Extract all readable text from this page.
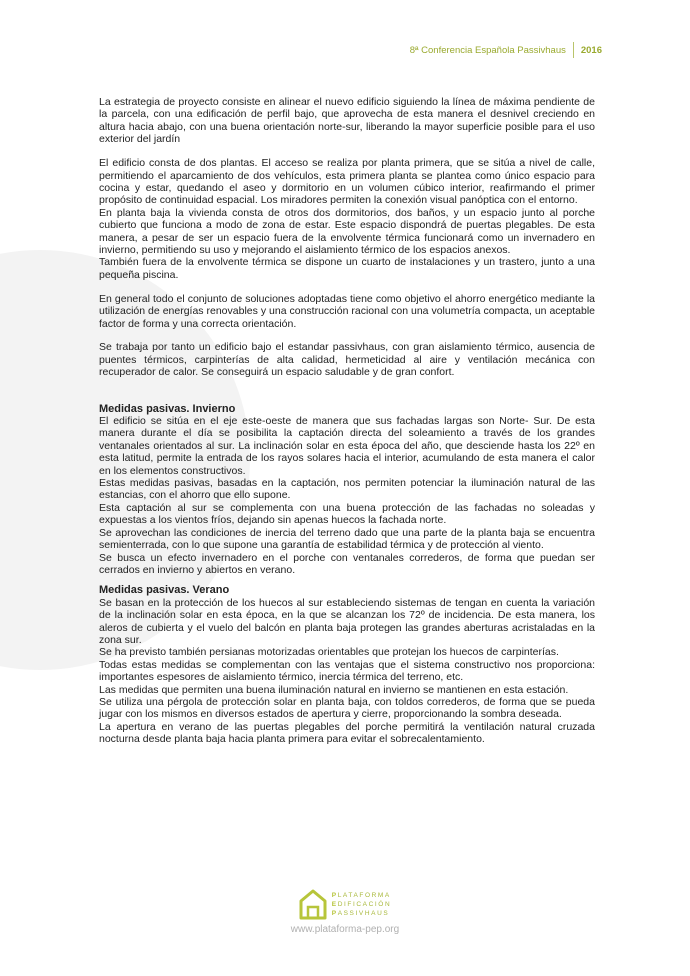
8ª Conferencia Española Passivhaus 2016

La estrategia de proyecto consiste en alinear el nuevo edificio siguiendo la línea de máxima pendiente de la parcela, con una edificación de perfil bajo, que aprovecha de esta manera el desnivel creciendo en altura hacia abajo, con una buena orientación norte-sur, liberando la mayor superficie posible para el uso exterior del jardín

El edificio consta de dos plantas. El acceso se realiza por planta primera, que se sitúa a nivel de calle, permitiendo el aparcamiento de dos vehículos, esta primera planta se plantea como único espacio para cocina y estar, quedando el aseo y dormitorio en un volumen cúbico interior, reafirmando el primer propósito de continuidad espacial. Los miradores permiten la conexión visual panóptica con el entorno.

En planta baja la vivienda consta de otros dos dormitorios, dos baños, y un espacio junto al porche cubierto que funciona a modo de zona de estar. Este espacio dispondrá de puertas plegables. De esta manera, a pesar de ser un espacio fuera de la envolvente térmica funcionará como un invernadero en invierno, permitiendo su uso y mejorando el aislamiento térmico de los espacios anexos.

También fuera de la envolvente térmica se dispone un cuarto de instalaciones y un trastero, junto a una pequeña piscina.

En general todo el conjunto de soluciones adoptadas tiene como objetivo el ahorro energético mediante la utilización de energías renovables y una construcción racional con una volumetría compacta, un aceptable factor de forma y una correcta orientación.

Se trabaja por tanto un edificio bajo el estandar passivhaus, con gran aislamiento térmico, ausencia de puentes térmicos, carpinterías de alta calidad, hermeticidad al aire y ventilación mecánica con recuperador de calor. Se conseguirá un espacio saludable y de gran confort.

Medidas pasivas. Invierno

El edificio se sitúa en el eje este-oeste de manera que sus fachadas largas son Norte- Sur. De esta manera durante el día se posibilita la captación directa del soleamiento a través de los grandes ventanales orientados al sur. La inclinación solar en esta época del año, que desciende hasta los 22º en esta latitud, permite la entrada de los rayos solares hacia el interior, acumulando de esta manera el calor en los elementos constructivos.

Estas medidas pasivas, basadas en la captación, nos permiten potenciar la iluminación natural de las estancias, con el ahorro que ello supone.

Esta captación al sur se complementa con una buena protección de las fachadas no soleadas y expuestas a los vientos fríos, dejando sin apenas huecos la fachada norte.

Se aprovechan las condiciones de inercia del terreno dado que una parte de la planta baja se encuentra semienterrada, con lo que supone una garantía de estabilidad térmica y de protección al viento.

Se busca un efecto invernadero en el porche con ventanales correderos, de forma que puedan ser cerrados en invierno y abiertos en verano.

Medidas pasivas. Verano

Se basan en la protección de los huecos al sur estableciendo sistemas de tengan en cuenta la variación de la inclinación solar en esta época, en la que se alcanzan los 72º de incidencia. De esta manera, los aleros de cubierta y el vuelo del balcón en planta baja protegen las grandes aberturas acristaladas en la zona sur.

Se ha previsto también persianas motorizadas orientables que protejan los huecos de carpinterías.

Todas estas medidas se complementan con las ventajas que el sistema constructivo nos proporciona: importantes espesores de aislamiento térmico, inercia térmica del terreno, etc.

Las medidas que permiten una buena iluminación natural en invierno se mantienen en esta estación.

Se utiliza una pérgola de protección solar en planta baja, con toldos correderos, de forma que se pueda jugar con los mismos en diversos estados de apertura y cierre, proporcionando la sombra deseada.

La apertura en verano de las puertas plegables del porche permitirá la ventilación natural cruzada nocturna desde planta baja hacia planta primera para evitar el sobrecalentamiento.

PLATAFORMA
EDIFICACIÓN
PASSIVHAUS
www.plataforma-pep.org
